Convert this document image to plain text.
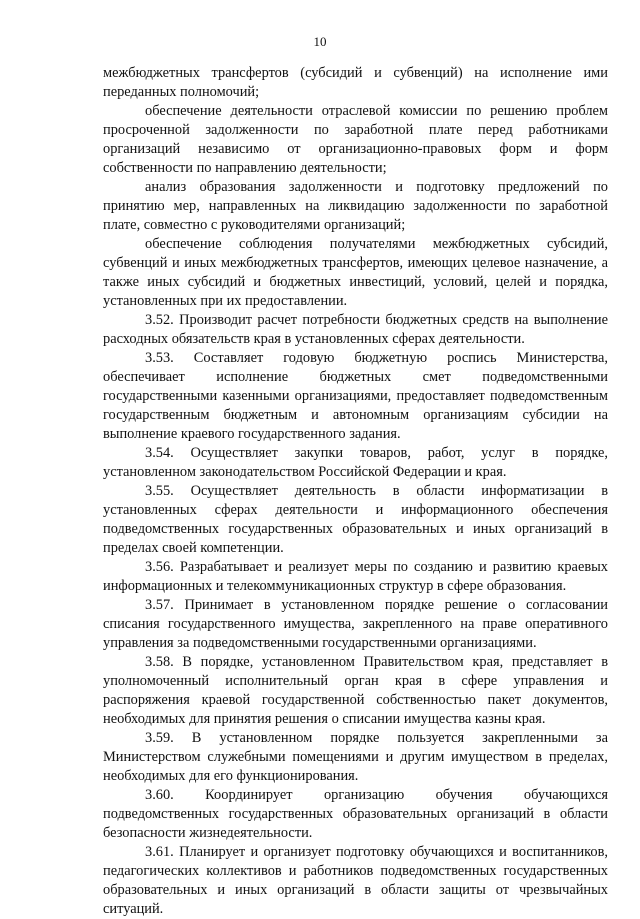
10

межбюджетных трансфертов (субсидий и субвенций) на исполнение ими переданных полномочий;

обеспечение деятельности отраслевой комиссии по решению проблем просроченной задолженности по заработной плате перед работниками организаций независимо от организационно-правовых форм и форм собственности по направлению деятельности;

анализ образования задолженности и подготовку предложений по принятию мер, направленных на ликвидацию задолженности по заработной плате, совместно с руководителями организаций;

обеспечение соблюдения получателями межбюджетных субсидий, субвенций и иных межбюджетных трансфертов, имеющих целевое назначение, а также иных субсидий и бюджетных инвестиций, условий, целей и порядка, установленных при их предоставлении.

3.52. Производит расчет потребности бюджетных средств на выполнение расходных обязательств края в установленных сферах деятельности.

3.53. Составляет годовую бюджетную роспись Министерства, обеспечивает исполнение бюджетных смет подведомственными государственными казенными организациями, предоставляет подведомственным государственным бюджетным и автономным организациям субсидии на выполнение краевого государственного задания.

3.54. Осуществляет закупки товаров, работ, услуг в порядке, установленном законодательством Российской Федерации и края.

3.55. Осуществляет деятельность в области информатизации в установленных сферах деятельности и информационного обеспечения подведомственных государственных образовательных и иных организаций в пределах своей компетенции.

3.56. Разрабатывает и реализует меры по созданию и развитию краевых информационных и телекоммуникационных структур в сфере образования.

3.57. Принимает в установленном порядке решение о согласовании списания государственного имущества, закрепленного на праве оперативного управления за подведомственными государственными организациями.

3.58. В порядке, установленном Правительством края, представляет в уполномоченный исполнительный орган края в сфере управления и распоряжения краевой государственной собственностью пакет документов, необходимых для принятия решения о списании имущества казны края.

3.59. В установленном порядке пользуется закрепленными за Министерством служебными помещениями и другим имуществом в пределах, необходимых для его функционирования.

3.60. Координирует организацию обучения обучающихся подведомственных государственных образовательных организаций в области безопасности жизнедеятельности.

3.61. Планирует и организует подготовку обучающихся и воспитанников, педагогических коллективов и работников подведомственных государственных образовательных и иных организаций в области защиты от чрезвычайных ситуаций.
